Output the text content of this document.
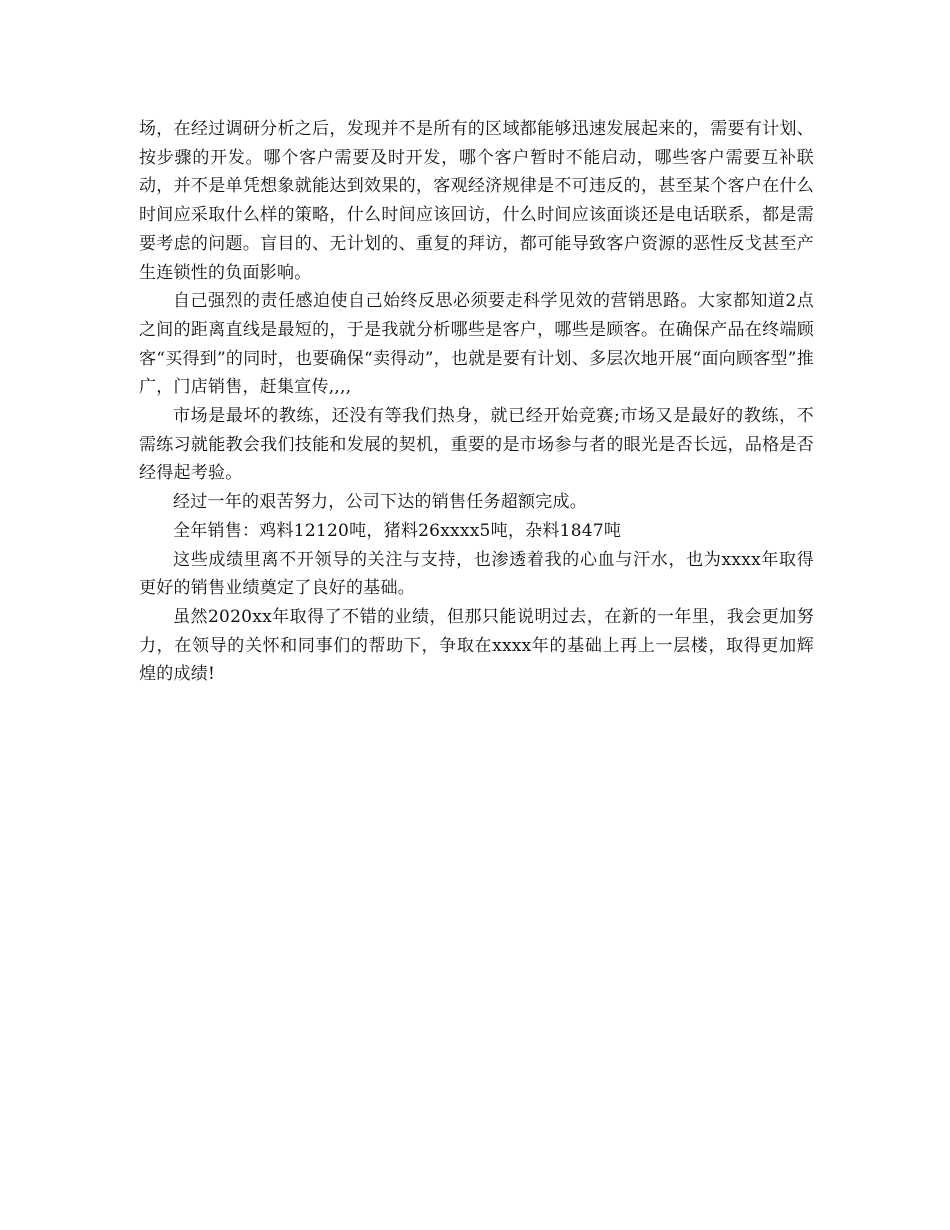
场，在经过调研分析之后，发现并不是所有的区域都能够迅速发展起来的，需要有计划、按步骤的开发。哪个客户需要及时开发，哪个客户暂时不能启动，哪些客户需要互补联动，并不是单凭想象就能达到效果的，客观经济规律是不可违反的，甚至某个客户在什么时间应采取什么样的策略，什么时间应该回访，什么时间应该面谈还是电话联系，都是需要考虑的问题。盲目的、无计划的、重复的拜访，都可能导致客户资源的恶性反戈甚至产生连锁性的负面影响。

自己强烈的责任感迫使自己始终反思必须要走科学见效的营销思路。大家都知道2点之间的距离直线是最短的，于是我就分析哪些是客户，哪些是顾客。在确保产品在终端顾客“买得到”的同时，也要确保“卖得动”，也就是要有计划、多层次地开展“面向顾客型”推广，门店销售，赶集宣传,,,,

市场是最坏的教练，还没有等我们热身，就已经开始竞赛;市场又是最好的教练，不需练习就能教会我们技能和发展的契机，重要的是市场参与者的眼光是否长远，品格是否经得起考验。

经过一年的艰苦努力，公司下达的销售任务超额完成。

全年销售：鸡料12120吨，猪料26xxxx5吨，杂料1847吨

这些成绩里离不开领导的关注与支持，也渗透着我的心血与汗水，也为xxxx年取得更好的销售业绩奠定了良好的基础。

虽然2020xx年取得了不错的业绩，但那只能说明过去，在新的一年里，我会更加努力，在领导的关怀和同事们的帮助下，争取在xxxx年的基础上再上一层楼，取得更加辉煌的成绩!
